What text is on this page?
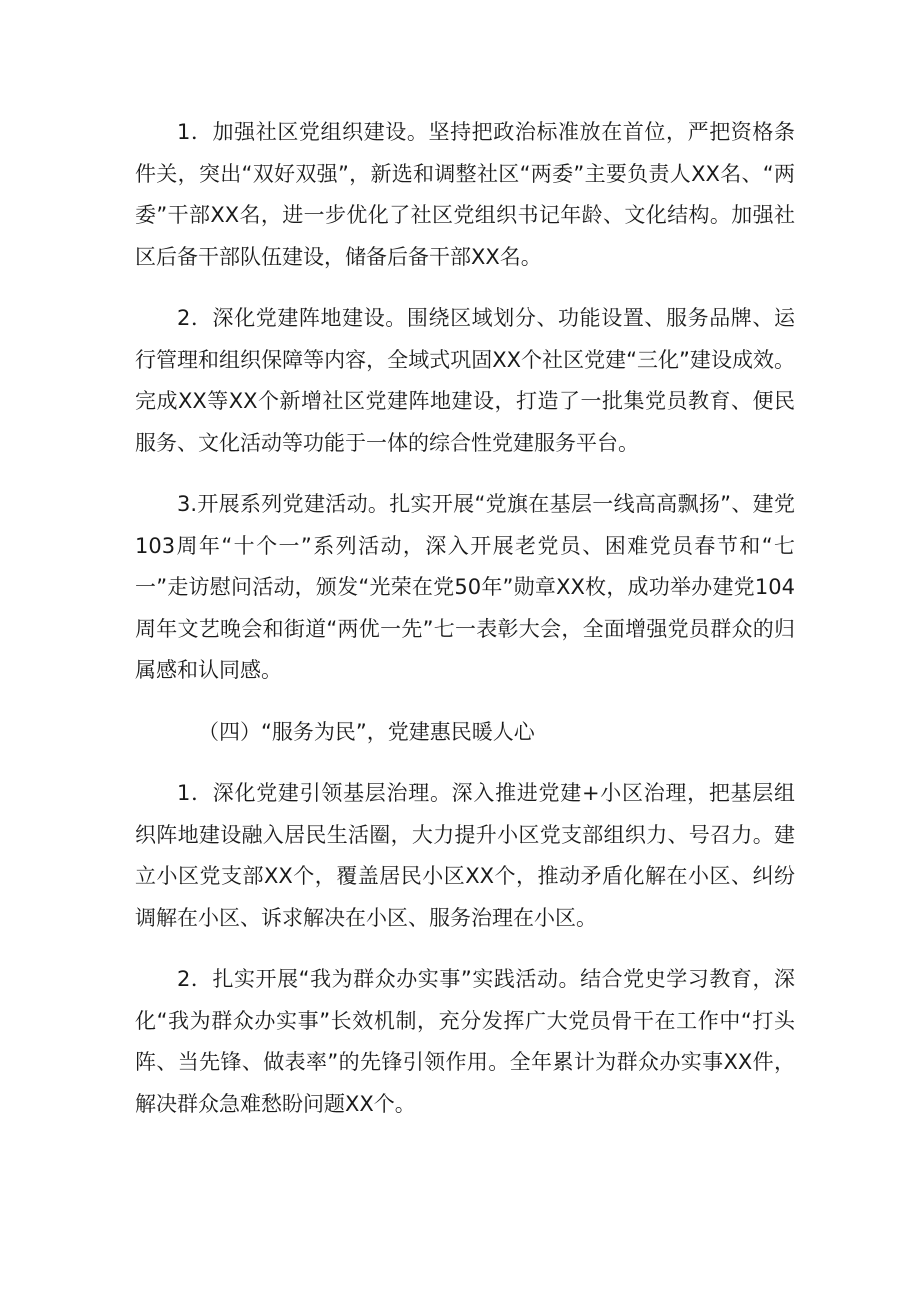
1．加强社区党组织建设。坚持把政治标准放在首位，严把资格条件关，突出“双好双强”，新选和调整社区“两委”主要负责人XX名、“两委”干部XX名，进一步优化了社区党组织书记年龄、文化结构。加强社区后备干部队伍建设，储备后备干部XX名。

2．深化党建阵地建设。围绕区域划分、功能设置、服务品牌、运行管理和组织保障等内容，全域式巩固XX个社区党建“三化”建设成效。完成XX等XX个新增社区党建阵地建设，打造了一批集党员教育、便民服务、文化活动等功能于一体的综合性党建服务平台。

3.开展系列党建活动。扎实开展“党旗在基层一线高高飘扬”、建党103周年“十个一”系列活动，深入开展老党员、困难党员春节和“七一”走访慰问活动，颁发“光荣在党50年”勋章XX枚，成功举办建党104周年文艺晚会和街道“两优一先”七一表彰大会，全面增强党员群众的归属感和认同感。

（四）“服务为民”，党建惠民暖人心

1．深化党建引领基层治理。深入推进党建+小区治理，把基层组织阵地建设融入居民生活圈，大力提升小区党支部组织力、号召力。建立小区党支部XX个，覆盖居民小区XX个，推动矛盾化解在小区、纠纷调解在小区、诉求解决在小区、服务治理在小区。

2．扎实开展“我为群众办实事”实践活动。结合党史学习教育，深化“我为群众办实事”长效机制，充分发挥广大党员骨干在工作中“打头阵、当先锋、做表率”的先锋引领作用。全年累计为群众办实事XX件，解决群众急难愁盼问题XX个。
